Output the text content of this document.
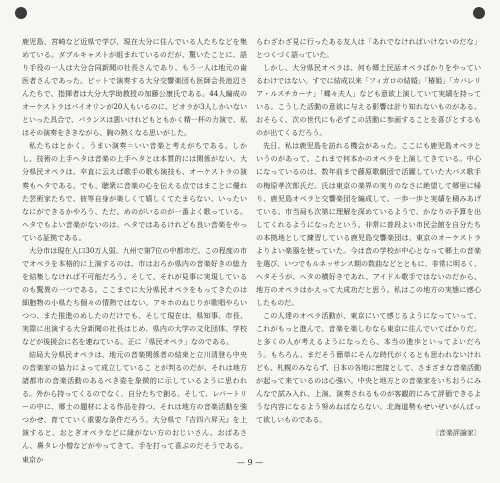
鹿児島、宮崎など近県で学び、現在大分に住んでいる人たちなどを集めている。ダブルキャストが組まれているのだが、驚いたことに、語り手役の一人は大分合同新聞の社長さんであり、もう一人は地元の歯医者さんであった。ピットで演奏する大分交響楽団も医師会長池辺さんたちで、指揮者は大分大学助教授の加藤公康氏である。44人編成のオーケストラはバイオリンが20人もいるのに、ビオラが3人しかいないといった具合で、バランスは悪いけれどもともかく精一杯の力演で、私はその演奏をききながら、胸の熱くなる思いがした。

私たちはとかく、うまい演奏＝いい音楽と考えがちである。しかし、技術の上手ヘタは音楽の上手ヘタとは本質的には関係がない。大分県民オペラは、卒直に云えば歌手の歌も演技も、オーケストラの演奏もヘタである。でも、聴衆に音楽の心を伝える点ではまことに優れた芸術家たちで、彼等自身が楽しくて嬉しくてたまらない、いったいなにができるかやろう、ただ、めのがいるのが一番よく歌っている。ヘタでもよい音楽がないのは、ヘタではあるけれども良い音楽をやっている証拠である。

大分市は現在人口30万人弱、九州で第7位の中都市だ。この程度の市でオペラを本格的に上演するのは、市はおろか県内の音楽好きの総力を結集しなければ不可能だろう。そして、それが見事に実現しているのも驚異の一つである。ここまでに大分県民オペラをもってきたのは細胞物の小県たち個々の情熱ではない。アキホのねじりが歌唱やらいつつ、また推進のめしたのだけでも、そして現在は、県知事、市長、実際に出演する大分新聞の社長はじめ、県内の大学の文化団体、学校などが後援会に名を連ねている。正に「県民オペラ」なのである。

結局大分県民オペラは、地元の音楽関係者の結束と立川清登ら中央の音楽家の協力によって成立しているこ とが判るのだが、それは地方諸都市の音楽活動のあるべき姿を象徴的に示しているように思われる。外から持ってくるのでなく、自分たちで創る。そして、レパートリーの中に、郷土の題材による作品を持つ。それは地方の音楽活動を強つかせ、育てていく重要な条件だろう。大分県で『吉四六昇天』を上演すると、おとぎオペラなどに縁がない方のおじいさん、おばあさん、鼻タレ小僧などがやってきて、手を打って喜ぶのだそうである。東京か

らわざわざ見に行ったある友人は「あれでなければいけないのだな」とつくづく語っていた。

しかし、大分県民オペラは、何も郷土民話オペラばかりをやっているわけではない。すでに結成以来「フィガロの結婚」「椿姫」「カバレリア・ルスチカーナ」「蝶々夫人」なども意欲上演していて実績を持っている。こうした活動の意欲に与える影響は計り知れないものがある。おそらく、次の世代にも必ずこの活動に参画することを喜びとするものが出てくるだろう。

先日、私は鹿児島を訪れる機会があった。ここにも鹿児島オペラというのがあって、これまで何本かのオペラを上演してきている。中心になっているのは、数年前まで藤原歌劇団で活躍していた大バス歌手の梅原孝次郎氏だ。氏は東京の楽界の実りのなさに絶望して郷里に帰り、鹿児島オペラと交響楽団を編成して、一歩一歩と実績を積みあげている。市当局も次第に理解を深めているようで、かなりの予算を出してくれるようになったという。非常に普段よい市民会館を自分たちの本拠地として練習している鹿児島交響楽団は、東京のオーケストラよりよい楽器を使っていた。今は音の学校が中心となって郷土の音楽を選び、いつでもルネッサンス期の数曲などとともに、非常に明るく、ヘタそうが、ヘタの横好きであれ、アイドル歌手ではないのだから、地方のオペラはかえって大成功だと思う。私はこの地方の実態に感心したものだ。

この人達のオペラ活動が、東京にいて感じるようになっていって、これがもっと進んで、音楽を楽しむなら東京に住んでいてばかりだ。と多くの人が考えるようになったら、本当の進歩といってよいだろう。もちろん、まだそう簡単にそんな時代がくるとも思われないけれども、札幌のみならず、日本の各地に密接として、さまざまな音楽活動が起って来ているのは心強い。中央と地方との音楽家をいちおうにみんなで試み入れ、上演、演奏されるものが客観的にみて評価できるような内容になるよう努めねばならない。北海道勢もせいぜいがんばって欲しいものである。

〔音楽評論家〕

— 9 —
